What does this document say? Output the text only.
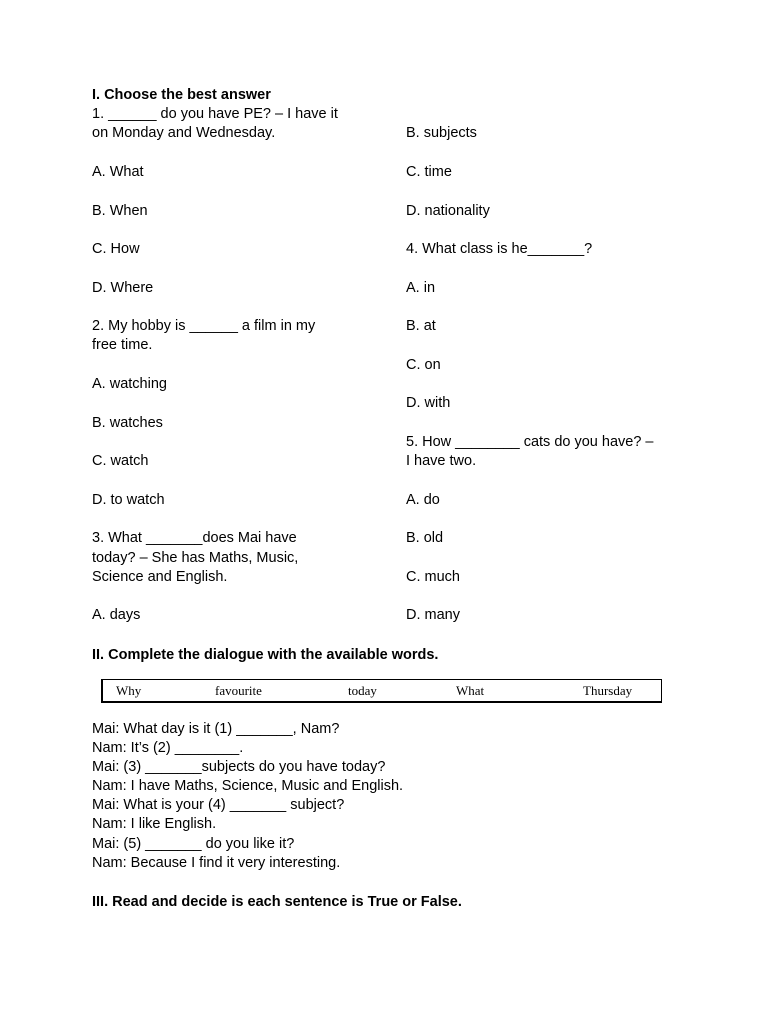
I. Choose the best answer
1. ______ do you have PE? – I have it
on Monday and Wednesday.
A. What
B. When
C. How
D. Where
2. My hobby is ______ a film in my
free time.
A. watching
B. watches
C. watch
D. to watch
3. What _______does Mai have
today? – She has Maths, Music,
Science and English.
A. days
B. subjects
C. time
D. nationality
4. What class is he_______?
A. in
B. at
C. on
D. with
5. How ________ cats do you have? –
I have two.
A. do
B. old
C. much
D. many
II. Complete the dialogue with the available words.
Why	favourite	today	What	Thursday
Mai: What day is it (1) _______, Nam?
Nam: It’s (2) ________.
Mai: (3) _______subjects do you have today?
Nam: I have Maths, Science, Music and English.
Mai: What is your (4) _______ subject?
Nam: I like English.
Mai: (5) _______ do you like it?
Nam: Because I find it very interesting.
III. Read and decide is each sentence is True or False.
